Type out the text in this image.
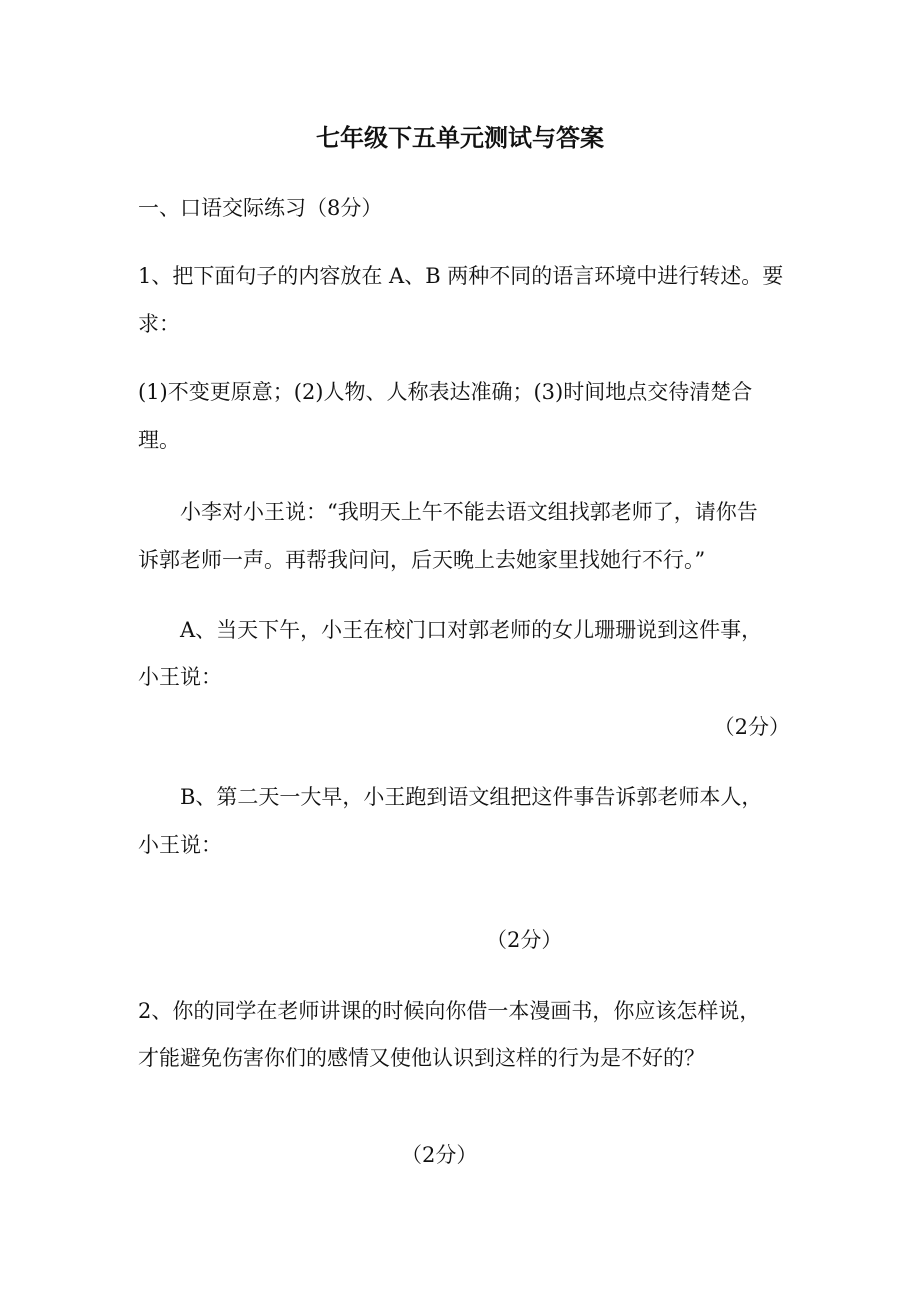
七年级下五单元测试与答案
一、口语交际练习（8分）
1、把下面句子的内容放在 A、B 两种不同的语言环境中进行转述。要
求：
(1)不变更原意；(2)人物、人称表达准确；(3)时间地点交待清楚合
理。
小李对小王说：“我明天上午不能去语文组找郭老师了，请你告
诉郭老师一声。再帮我问问，后天晚上去她家里找她行不行。”
A、当天下午，小王在校门口对郭老师的女儿珊珊说到这件事，
小王说：
（2分）
B、第二天一大早，小王跑到语文组把这件事告诉郭老师本人，
小王说：
（2分）
2、你的同学在老师讲课的时候向你借一本漫画书，你应该怎样说，
才能避免伤害你们的感情又使他认识到这样的行为是不好的？
（2分）
